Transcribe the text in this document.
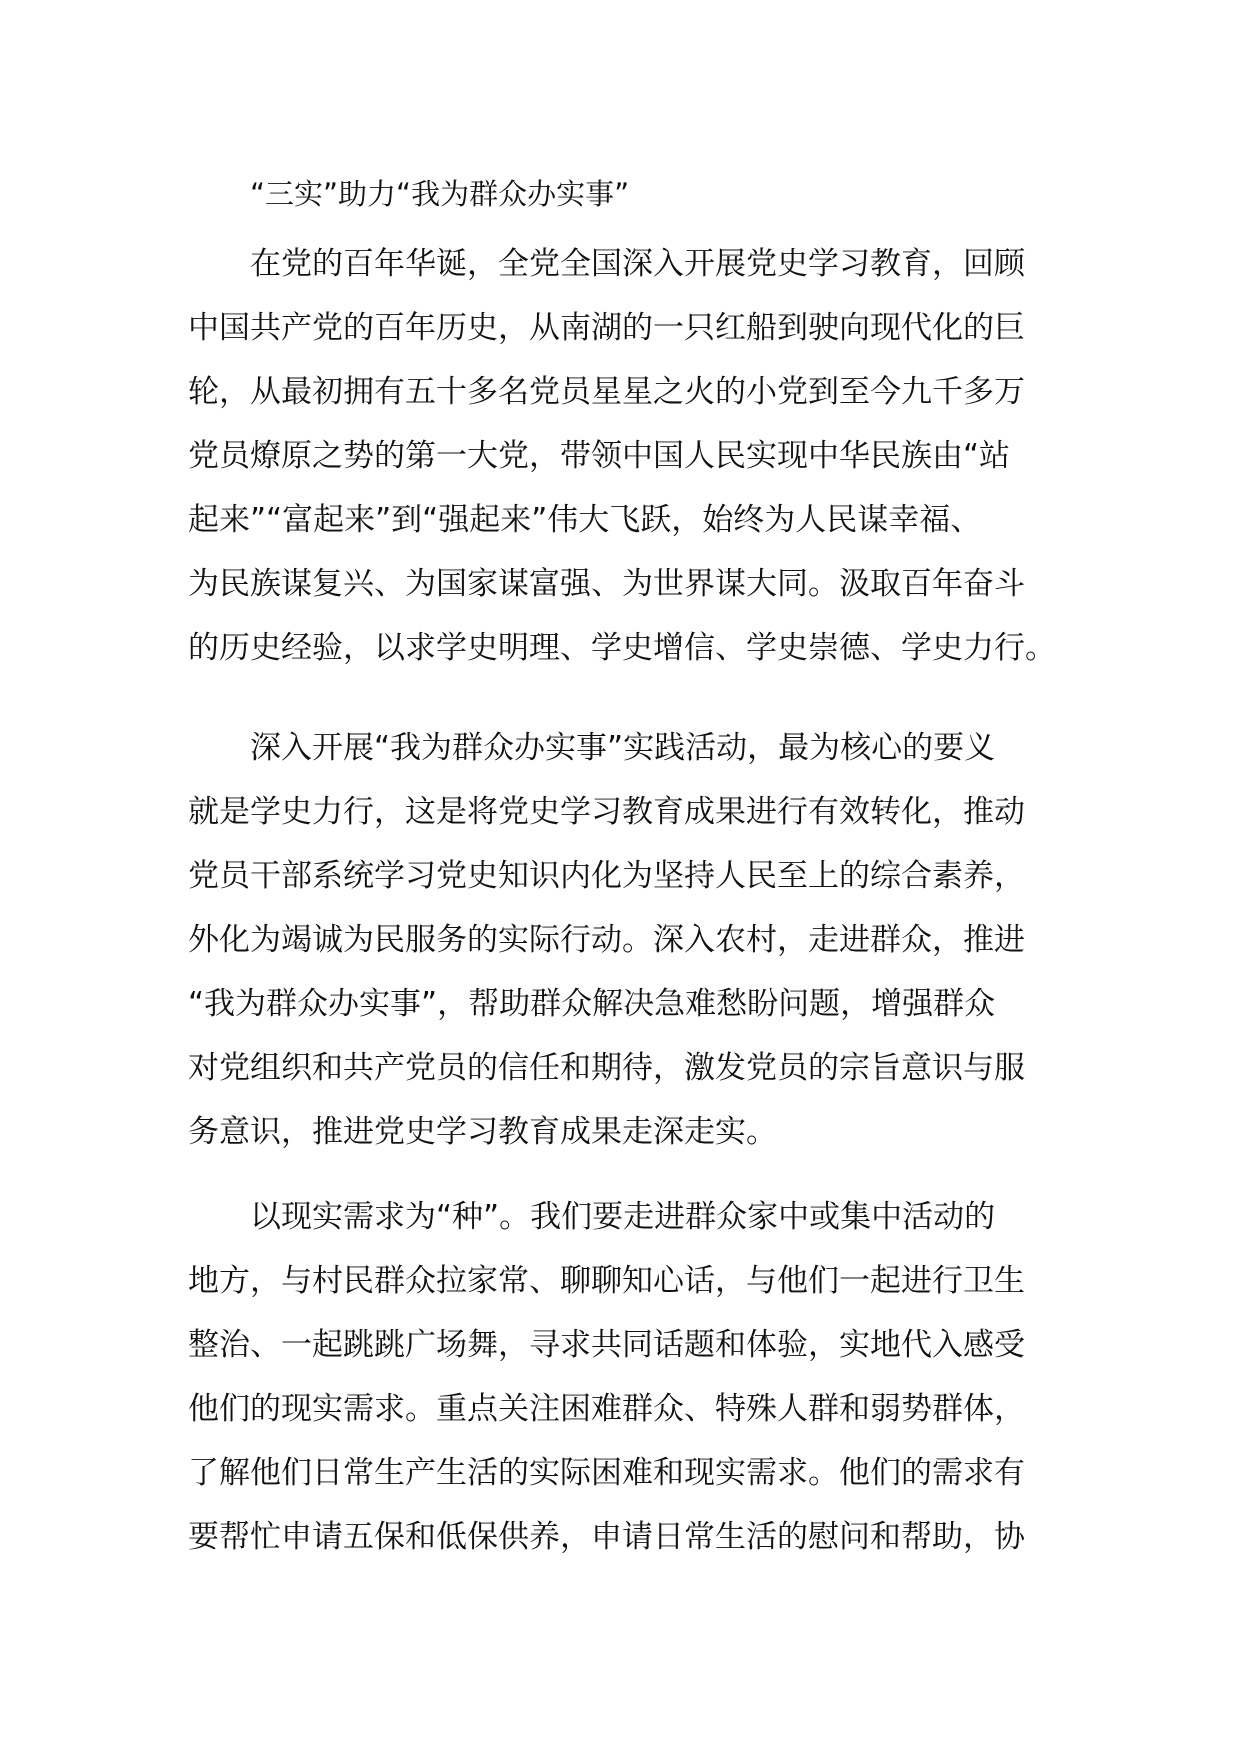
“三实”助力“我为群众办实事”
在党的百年华诞，全党全国深入开展党史学习教育，回顾
中国共产党的百年历史，从南湖的一只红船到驶向现代化的巨
轮，从最初拥有五十多名党员星星之火的小党到至今九千多万
党员燎原之势的第一大党，带领中国人民实现中华民族由“站
起来”“富起来”到“强起来”伟大飞跃，始终为人民谋幸福、
为民族谋复兴、为国家谋富强、为世界谋大同。汲取百年奋斗
的历史经验，以求学史明理、学史增信、学史崇德、学史力行。
深入开展“我为群众办实事”实践活动，最为核心的要义
就是学史力行，这是将党史学习教育成果进行有效转化，推动
党员干部系统学习党史知识内化为坚持人民至上的综合素养，
外化为竭诚为民服务的实际行动。深入农村，走进群众，推进
“我为群众办实事”，帮助群众解决急难愁盼问题，增强群众
对党组织和共产党员的信任和期待，激发党员的宗旨意识与服
务意识，推进党史学习教育成果走深走实。
以现实需求为“种”。我们要走进群众家中或集中活动的
地方，与村民群众拉家常、聊聊知心话，与他们一起进行卫生
整治、一起跳跳广场舞，寻求共同话题和体验，实地代入感受
他们的现实需求。重点关注困难群众、特殊人群和弱势群体，
了解他们日常生产生活的实际困难和现实需求。他们的需求有
要帮忙申请五保和低保供养，申请日常生活的慰问和帮助，协
